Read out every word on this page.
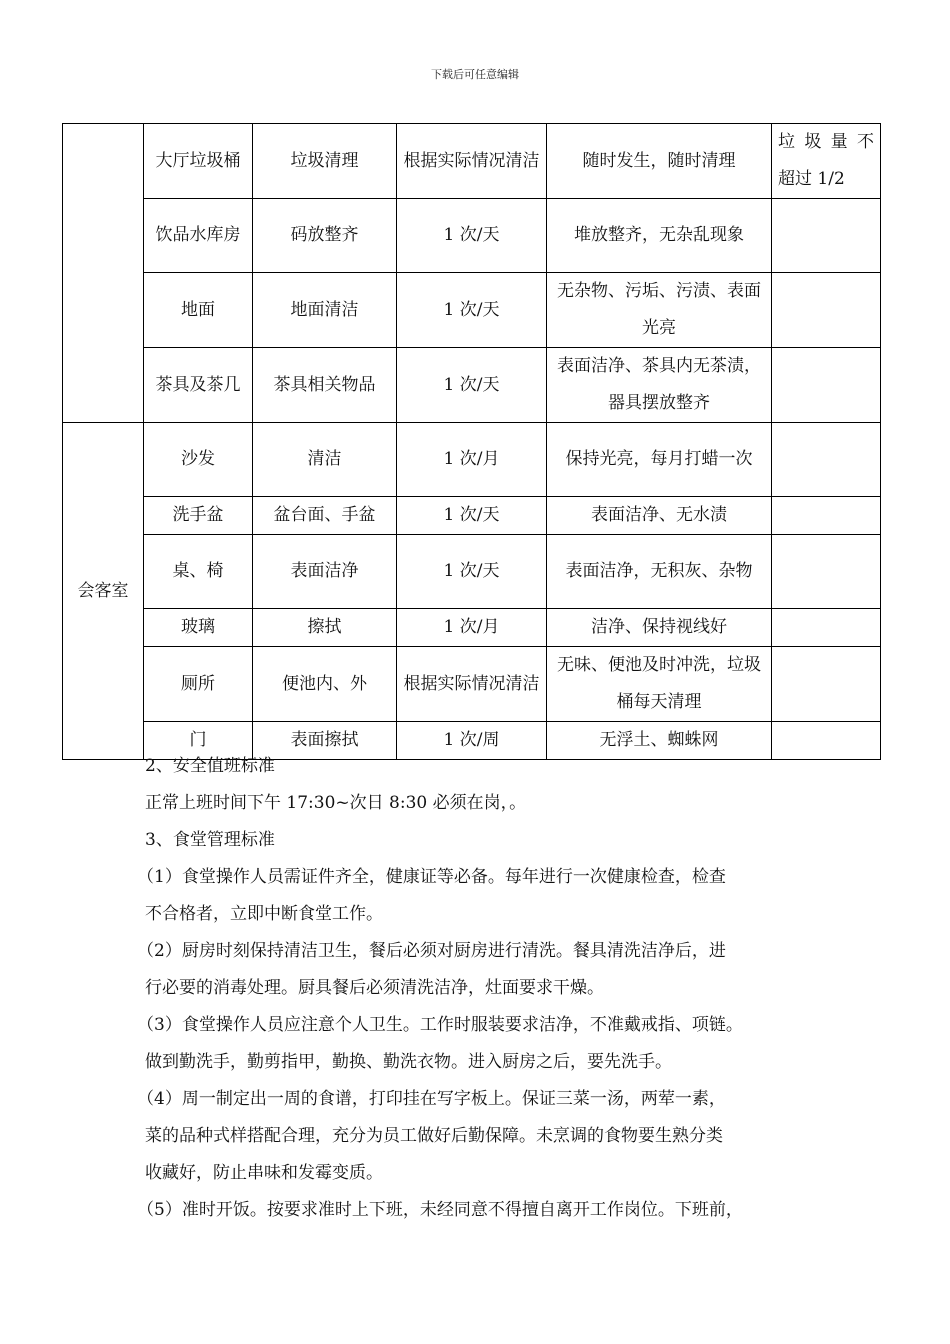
下载后可任意编辑
	大厅垃圾桶	垃圾清理	根据实际情况清洁	随时发生，随时清理	垃 圾 量 不 超过 1/2
	饮品水库房	码放整齐	1 次/天	堆放整齐，无杂乱现象	
	地面	地面清洁	1 次/天	无杂物、污垢、污渍、表面光亮	
	茶具及茶几	茶具相关物品	1 次/天	表面洁净、茶具内无茶渍，器具摆放整齐	
会客室	沙发	清洁	1 次/月	保持光亮，每月打蜡一次	
	洗手盆	盆台面、手盆	1 次/天	表面洁净、无水渍	
	桌、椅	表面洁净	1 次/天	表面洁净，无积灰、杂物	
	玻璃	擦拭	1 次/月	洁净、保持视线好	
	厕所	便池内、外	根据实际情况清洁	无味、便池及时冲洗，垃圾桶每天清理	
	门	表面擦拭	1 次/周	无浮土、蜘蛛网	

2、安全值班标准

正常上班时间下午 17:30~次日 8:30 必须在岗，。

3、食堂管理标准

（1）食堂操作人员需证件齐全，健康证等必备。每年进行一次健康检查，检查

不合格者，立即中断食堂工作。

（2）厨房时刻保持清洁卫生，餐后必须对厨房进行清洗。餐具清洗洁净后，进

行必要的消毒处理。厨具餐后必须清洗洁净，灶面要求干燥。

（3）食堂操作人员应注意个人卫生。工作时服装要求洁净，不准戴戒指、项链。

做到勤洗手，勤剪指甲，勤换、勤洗衣物。进入厨房之后，要先洗手。

（4）周一制定出一周的食谱，打印挂在写字板上。保证三菜一汤，两荤一素，

菜的品种式样搭配合理，充分为员工做好后勤保障。未烹调的食物要生熟分类

收藏好，防止串味和发霉变质。

（5）准时开饭。按要求准时上下班，未经同意不得擅自离开工作岗位。下班前，
